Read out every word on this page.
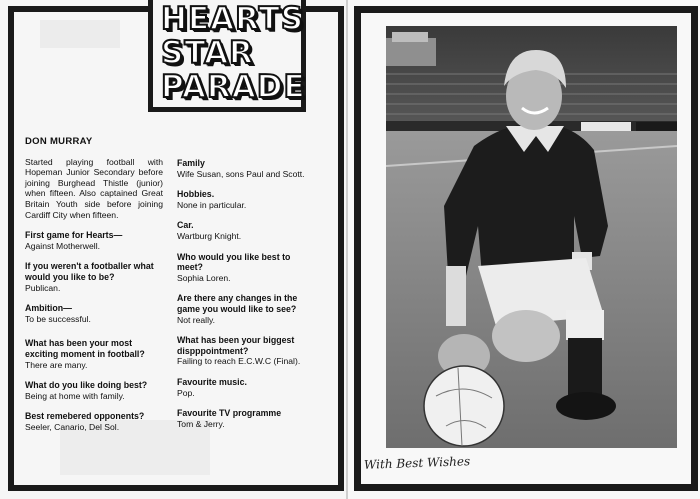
HEARTS
STAR
PARADE
DON MURRAY
Started playing football with Hopeman Junior Secondary before joining Burghead Thistle (junior) when fifteen. Also captained Great Britain Youth side before joining Cardiff City when fifteen.
First game for Hearts—
Against Motherwell.
If you weren't a footballer what would you like to be?
Publican.
Ambition—
To be successful.
What has been your most exciting moment in football?
There are many.
What do you like doing best?
Being at home with family.
Best remebered opponents?
Seeler, Canario, Del Sol.
Family
Wife Susan, sons Paul and Scott.
Hobbies.
None in particular.
Car.
Wartburg Knight.
Who would you like best to meet?
Sophia Loren.
Are there any changes in the game you would like to see?
Not really.
What has been your biggest dispppointment?
Failing to reach E.C.W.C (Final).
Favourite music.
Pop.
Favourite TV programme
Tom & Jerry.
With Best Wishes
